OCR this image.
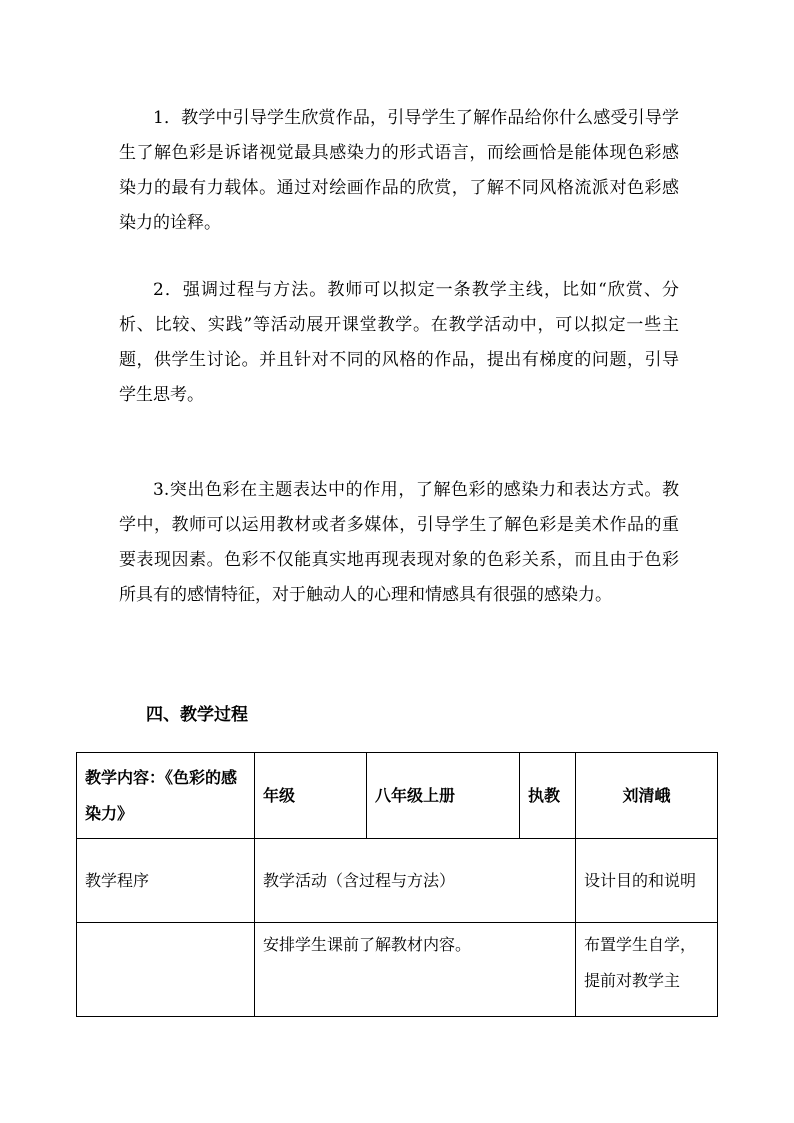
1．教学中引导学生欣赏作品，引导学生了解作品给你什么感受引导学生了解色彩是诉诸视觉最具感染力的形式语言，而绘画恰是能体现色彩感染力的最有力载体。通过对绘画作品的欣赏，了解不同风格流派对色彩感染力的诠释。

2．强调过程与方法。教师可以拟定一条教学主线，比如“欣赏、分析、比较、实践”等活动展开课堂教学。在教学活动中，可以拟定一些主题，供学生讨论。并且针对不同的风格的作品，提出有梯度的问题，引导学生思考。

3.突出色彩在主题表达中的作用，了解色彩的感染力和表达方式。教学中，教师可以运用教材或者多媒体，引导学生了解色彩是美术作品的重要表现因素。色彩不仅能真实地再现表现对象的色彩关系，而且由于色彩所具有的感情特征，对于触动人的心理和情感具有很强的感染力。

四、教学过程
教学内容：《色彩的感染力》	年级	八年级上册	执教	刘清峨
教学程序	教学活动（含过程与方法）			设计目的和说明
	安排学生课前了解教材内容。			布置学生自学，提前对教学主
